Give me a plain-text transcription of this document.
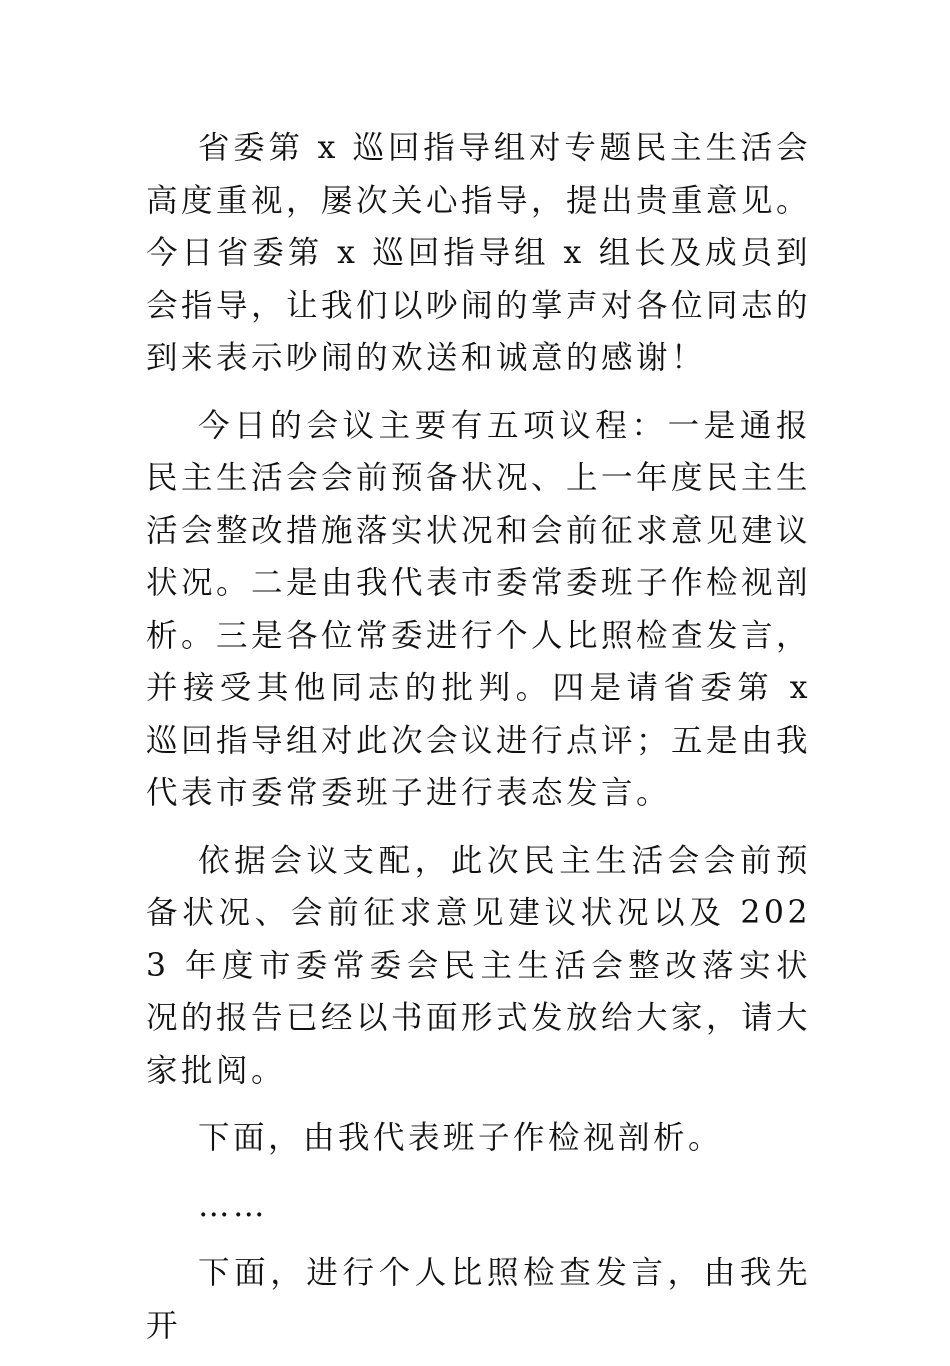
省委第 x 巡回指导组对专题民主生活会高度重视，屡次关心指导，提出贵重意见。今日省委第 x 巡回指导组 x 组长及成员到会指导，让我们以吵闹的掌声对各位同志的到来表示吵闹的欢送和诚意的感谢！

今日的会议主要有五项议程：一是通报民主生活会会前预备状况、上一年度民主生活会整改措施落实状况和会前征求意见建议状况。二是由我代表市委常委班子作检视剖析。三是各位常委进行个人比照检查发言，并接受其他同志的批判。四是请省委第 x 巡回指导组对此次会议进行点评；五是由我代表市委常委班子进行表态发言。

依据会议支配，此次民主生活会会前预备状况、会前征求意见建议状况以及 2023 年度市委常委会民主生活会整改落实状况的报告已经以书面形式发放给大家，请大家批阅。

下面，由我代表班子作检视剖析。

……

下面，进行个人比照检查发言，由我先开
